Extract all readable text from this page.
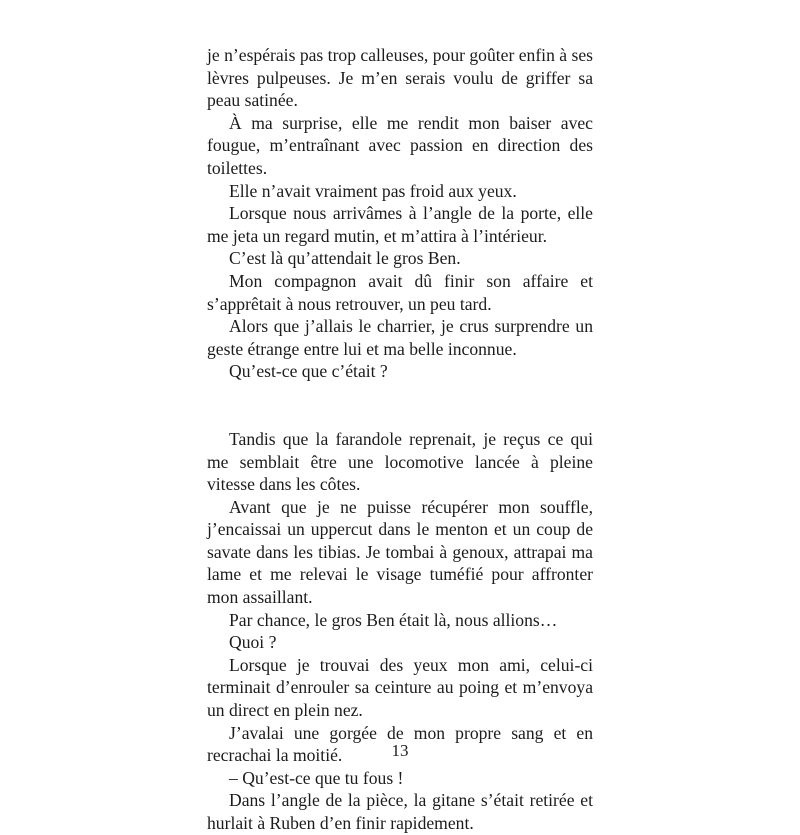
je n’espérais pas trop calleuses, pour goûter enfin à ses lèvres pulpeuses. Je m’en serais voulu de griffer sa peau satinée.

À ma surprise, elle me rendit mon baiser avec fougue, m’entraînant avec passion en direction des toilettes.

Elle n’avait vraiment pas froid aux yeux.

Lorsque nous arrivâmes à l’angle de la porte, elle me jeta un regard mutin, et m’attira à l’intérieur.

C’est là qu’attendait le gros Ben.

Mon compagnon avait dû finir son affaire et s’apprêtait à nous retrouver, un peu tard.

Alors que j’allais le charrier, je crus surprendre un geste étrange entre lui et ma belle inconnue.

Qu’est-ce que c’était ?

Tandis que la farandole reprenait, je reçus ce qui me semblait être une locomotive lancée à pleine vitesse dans les côtes.

Avant que je ne puisse récupérer mon souffle, j’encaissai un uppercut dans le menton et un coup de savate dans les tibias. Je tombai à genoux, attrapai ma lame et me relevai le visage tuméfié pour affronter mon assaillant.

Par chance, le gros Ben était là, nous allions…

Quoi ?

Lorsque je trouvai des yeux mon ami, celui-ci terminait d’enrouler sa ceinture au poing et m’envoya un direct en plein nez.

J’avalai une gorgée de mon propre sang et en recrachai la moitié.

– Qu’est-ce que tu fous !

Dans l’angle de la pièce, la gitane s’était retirée et hurlait à Ruben d’en finir rapidement.

13
